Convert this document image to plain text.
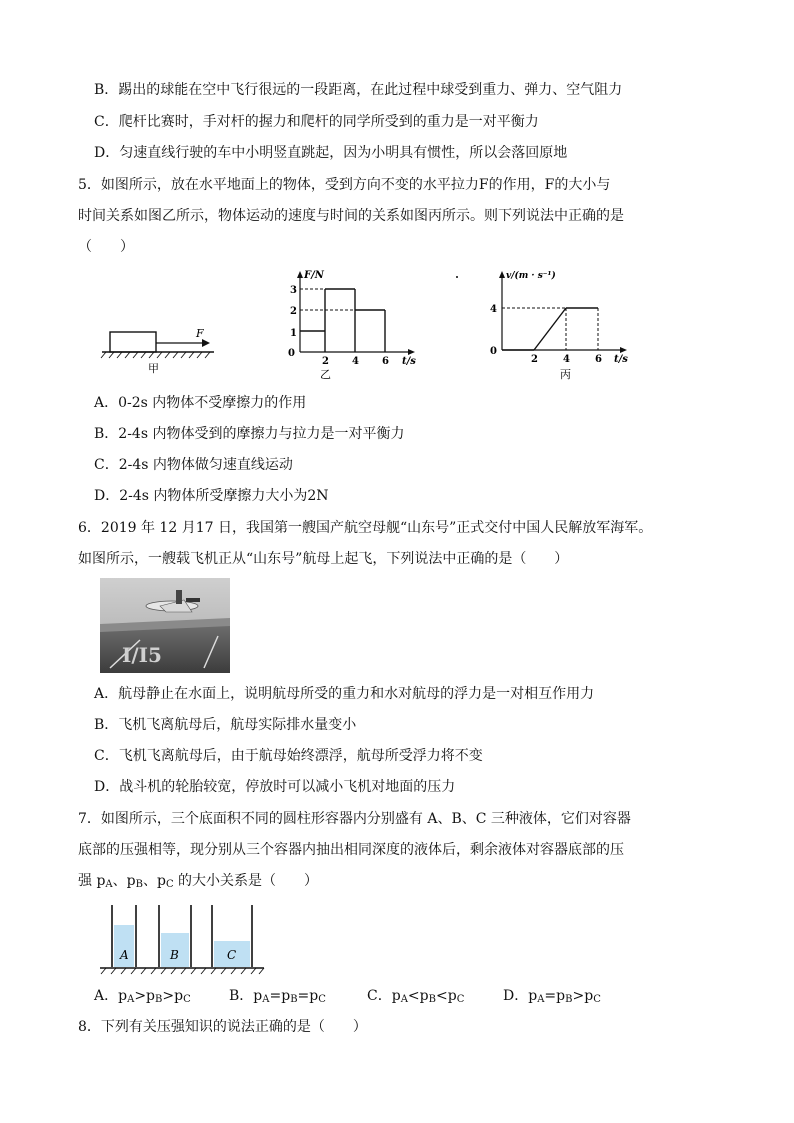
B．踢出的球能在空中飞行很远的一段距离，在此过程中球受到重力、弹力、空气阻力
C．爬杆比赛时，手对杆的握力和爬杆的同学所受到的重力是一对平衡力
D．匀速直线行驶的车中小明竖直跳起，因为小明具有惯性，所以会落回原地
5．如图所示，放在水平地面上的物体，受到方向不变的水平拉力F的作用，F的大小与
时间关系如图乙所示，物体运动的速度与时间的关系如图丙所示。则下列说法中正确的是
（　　）
F
甲
F/N
t/s
0
1
2
3
2 4 6
乙
v/(m · s⁻¹)
t/s
0
4
2	4	6
丙
A．0-2s 内物体不受摩擦力的作用
B．2-4s 内物体受到的摩擦力与拉力是一对平衡力
C．2-4s 内物体做匀速直线运动
D．2-4s 内物体所受摩擦力大小为2N
6．2019 年 12 月17 日，我国第一艘国产航空母舰“山东号”正式交付中国人民解放军海军。
如图所示，一艘载飞机正从“山东号”航母上起飞，下列说法中正确的是（　　）
I/I5
A．航母静止在水面上，说明航母所受的重力和水对航母的浮力是一对相互作用力
B．飞机飞离航母后，航母实际排水量变小
C．飞机飞离航母后，由于航母始终漂浮，航母所受浮力将不变
D．战斗机的轮胎较宽，停放时可以减小飞机对地面的压力
7．如图所示，三个底面积不同的圆柱形容器内分别盛有 A、B、C 三种液体，它们对容器
底部的压强相等，现分别从三个容器内抽出相同深度的液体后，剩余液体对容器底部的压
强 $p_A$、$p_B$、$p_C$ 的大小关系是（　　）
A	B	C
A．$p_A>p_B>p_C$	B．$p_A=p_B=p_C$	C．$p_A<p_B<p_C$	D．$p_A=p_B>p_C$
8．下列有关压强知识的说法正确的是（　　）
